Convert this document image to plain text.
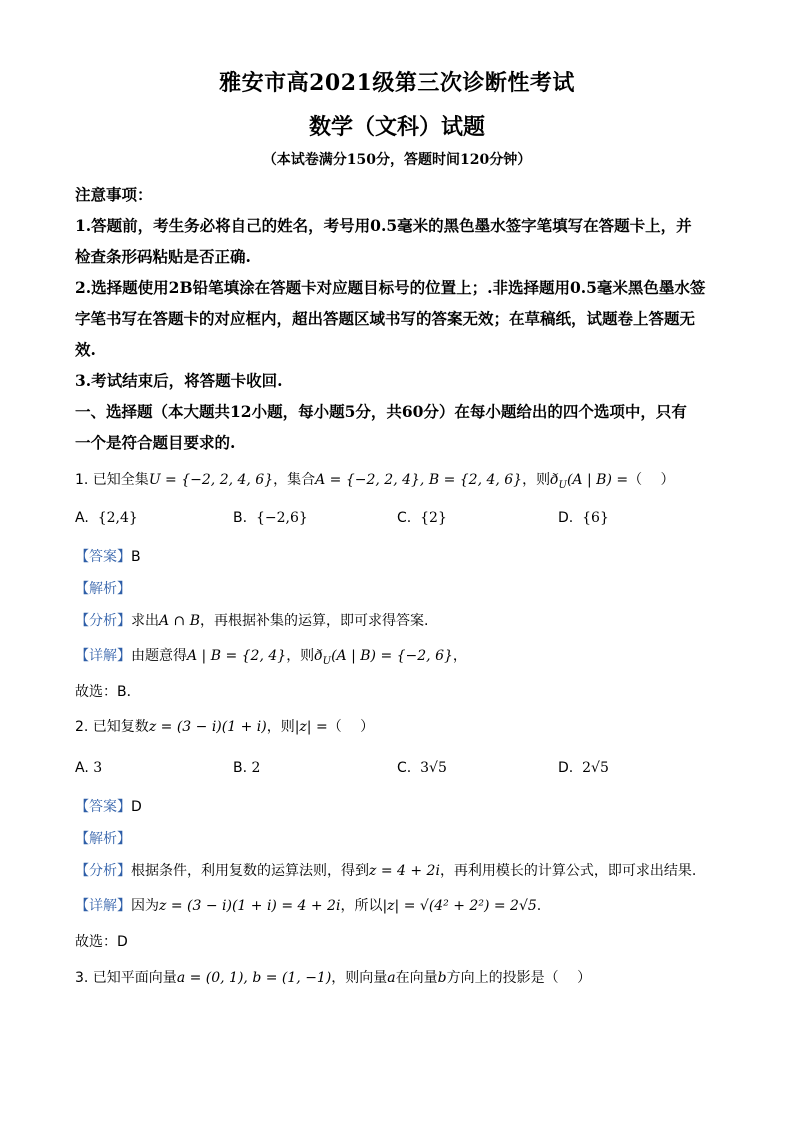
雅安市高2021级第三次诊断性考试
数学（文科）试题
（本试卷满分150分，答题时间120分钟）
注意事项：
1.答题前，考生务必将自己的姓名，考号用0.5毫米的黑色墨水签字笔填写在答题卡上，并
检查条形码粘贴是否正确.
2.选择题使用2B铅笔填涂在答题卡对应题目标号的位置上；.非选择题用0.5毫米黑色墨水签
字笔书写在答题卡的对应框内，超出答题区域书写的答案无效；在草稿纸，试题卷上答题无
效.
3.考试结束后，将答题卡收回.
一、选择题（本大题共12小题，每小题5分，共60分）在每小题给出的四个选项中，只有
一个是符合题目要求的.
1. 已知全集U = {−2, 2, 4, 6}，集合A = {−2, 2, 4}, B = {2, 4, 6}，则$ð_U(A$ | B) =（　 ）
A. {2,4}	B. {−2,6}	C. {2}	D. {6}
【答案】B
【解析】
【分析】求出A ∩ B，再根据补集的运算，即可求得答案.
【详解】由题意得A | B = {2, 4}，则$ð_U(A$ | B) = {−2, 6}，
故选：B．
2. 已知复数z = (3 − i)(1 + i)，则|z| =（　 ）
A. 3	B. 2	C. 3√5	D. 2√5
【答案】D
【解析】
【分析】根据条件，利用复数的运算法则，得到z = 4 + 2i，再利用模长的计算公式，即可求出结果.
【详解】因为z = (3 − i)(1 + i) = 4 + 2i，所以|z| = √(4² + 2²) = 2√5.
故选：D
3. 已知平面向量a = (0, 1), b = (1, −1)，则向量a在向量b方向上的投影是（　 ）
